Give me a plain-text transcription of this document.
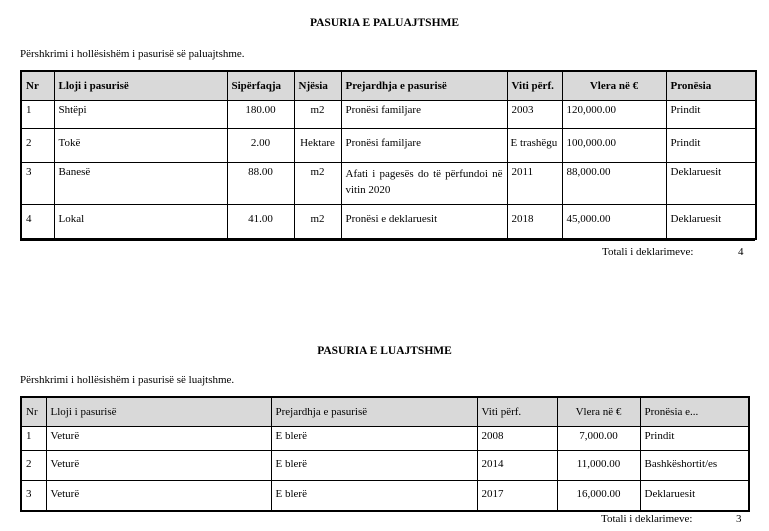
PASURIA E PALUAJTSHME
Përshkrimi i hollësishëm i pasurisë së paluajtshme.
Nr	Lloji i pasurisë	Sipërfaqja	Njësia	Prejardhja e pasurisë	Viti përf.	Vlera në €	Pronësia
1	Shtëpi	180.00	m2	Pronësi familjare	2003	120,000.00	Prindit
2	Tokë	2.00	Hektare	Pronësi familjare	E trashëgu	100,000.00	Prindit
3	Banesë	88.00	m2	Afati i pagesës do të përfundoi në vitin 2020	2011	88,000.00	Deklaruesit
4	Lokal	41.00	m2	Pronësi e deklaruesit	2018	45,000.00	Deklaruesit
Totali i deklarimeve:	4
PASURIA E LUAJTSHME
Përshkrimi i hollësishëm i pasurisë së luajtshme.
Nr	Lloji i pasurisë	Prejardhja e pasurisë	Viti përf.	Vlera në €	Pronësia e...
1	Veturë	E blerë	2008	7,000.00	Prindit
2	Veturë	E blerë	2014	11,000.00	Bashkëshortit/es
3	Veturë	E blerë	2017	16,000.00	Deklaruesit
Totali i deklarimeve:	3
